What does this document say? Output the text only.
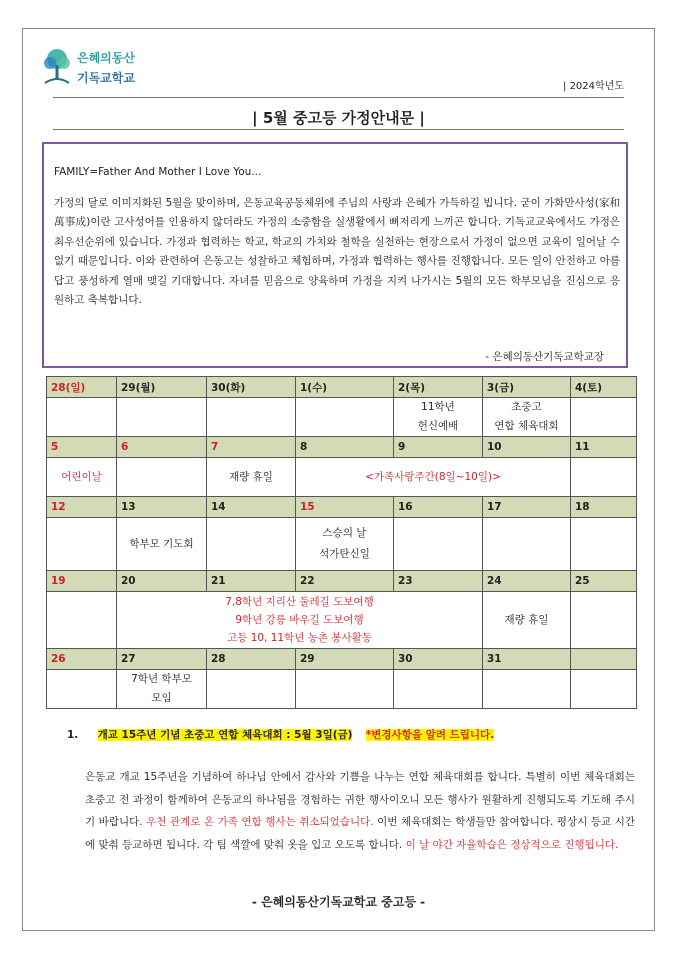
은혜의동산
기독교학교
| 2024학년도
| 5월 중고등 가정안내문 |
FAMILY=Father And Mother I Love You...
가정의 달로 이미지화된 5월을 맞이하며, 은동교육공동체위에 주님의 사랑과 은혜가 가득하길 빕니다. 굳이 가화만사성(家和萬事成)이란 고사성어를 인용하지 않더라도 가정의 소중함을 실생활에서 뼈저리게 느끼곤 합니다. 기독교교육에서도 가정은 최우선순위에 있습니다. 가정과 협력하는 학교, 학교의 가치와 철학을 실천하는 현장으로서 가정이 없으면 교육이 일어날 수 없기 때문입니다. 이와 관련하여 은동고는 성찰하고 체험하며, 가정과 협력하는 행사를 진행합니다. 모든 일이 안전하고 아름답고 풍성하게 열매 맺길 기대합니다. 자녀를 믿음으로 양육하며 가정을 지켜 나가시는 5월의 모든 학부모님을 진심으로 응원하고 축복합니다.
- 은혜의동산기독교학교장
28(일)	29(월)	30(화)	1(수)	2(목)	3(금)	4(토)
				11학년
헌신예배	초중고
연합 체육대회	
5	6	7	8	9	10	11
어린이날		재량 휴일	<가족사랑주간(8일~10일)>			
12	13	14	15	16	17	18
	학부모 기도회		스승의 날
석가탄신일			
19	20	21	22	23	24	25
	7,8학년 지리산 둘레길 도보여행
9학년 강릉 바우길 도보여행
고등 10, 11학년 농촌 봉사활동				재량 휴일	
26	27	28	29	30	31	
	7학년 학부모
모임					
1. 개교 15주년 기념 초중고 연합 체육대회 : 5월 3일(금) *변경사항을 알려 드립니다.
은동교 개교 15주년을 기념하여 하나님 안에서 감사와 기쁨을 나누는 연합 체육대회를 합니다. 특별히 이번 체육대회는 초중고 전 과정이 함께하여 은동교의 하나됨을 경험하는 귀한 행사이오니 모든 행사가 원활하게 진행되도록 기도해 주시기 바랍니다. 우천 관계로 온 가족 연합 행사는 취소되었습니다. 이번 체육대회는 학생들만 참여합니다. 평상시 등교 시간에 맞춰 등교하면 됩니다. 각 팀 색깔에 맞춰 옷을 입고 오도록 합니다. 이 날 야간 자율학습은 정상적으로 진행됩니다.
- 은혜의동산기독교학교 중고등 -
